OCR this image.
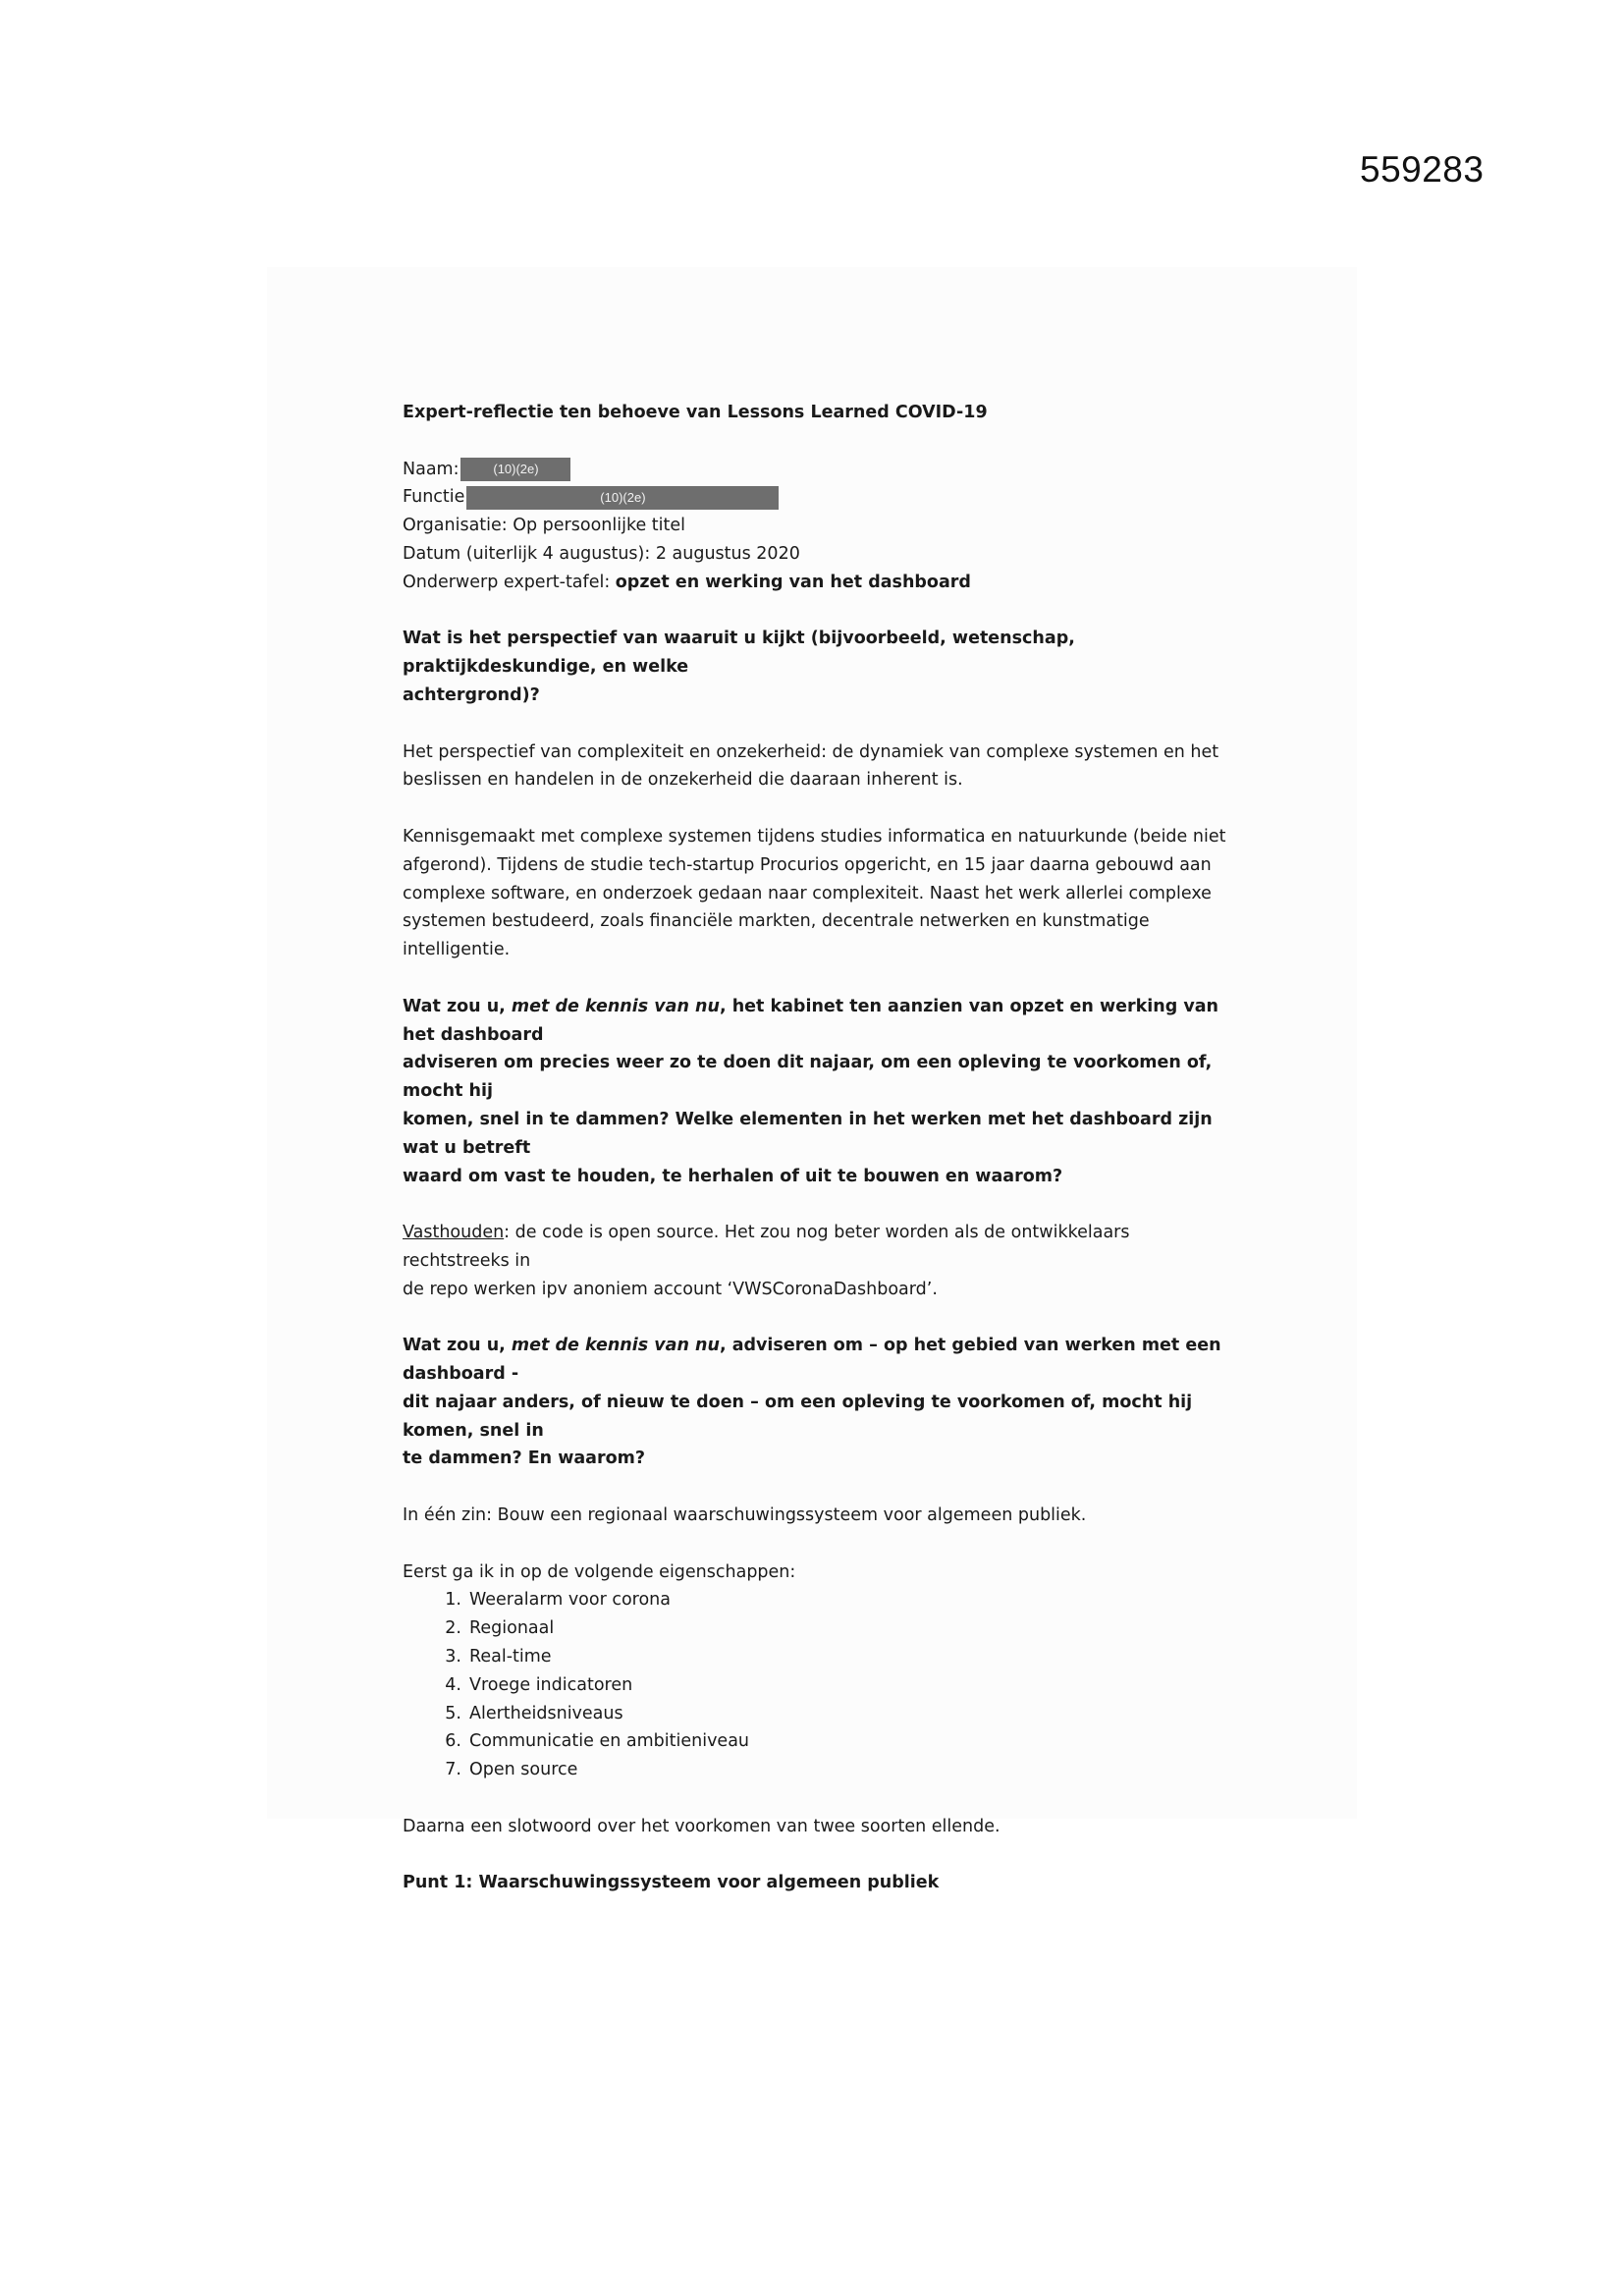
559283

Expert-reflectie ten behoeve van Lessons Learned COVID-19

Naam:	(10)(2e)
Functie	(10)(2e)

Organisatie: Op persoonlijke titel

Datum (uiterlijk 4 augustus): 2 augustus 2020

Onderwerp expert-tafel: opzet en werking van het dashboard

Wat is het perspectief van waaruit u kijkt (bijvoorbeeld, wetenschap, praktijkdeskundige, en welke

achtergrond)?

Het perspectief van complexiteit en onzekerheid: de dynamiek van complexe systemen en het

beslissen en handelen in de onzekerheid die daaraan inherent is.

Kennisgemaakt met complexe systemen tijdens studies informatica en natuurkunde (beide niet

afgerond). Tijdens de studie tech-startup Procurios opgericht, en 15 jaar daarna gebouwd aan

complexe software, en onderzoek gedaan naar complexiteit. Naast het werk allerlei complexe

systemen bestudeerd, zoals financiële markten, decentrale netwerken en kunstmatige intelligentie.

Wat zou u, met de kennis van nu, het kabinet ten aanzien van opzet en werking van het dashboard

adviseren om precies weer zo te doen dit najaar, om een opleving te voorkomen of, mocht hij

komen, snel in te dammen? Welke elementen in het werken met het dashboard zijn wat u betreft

waard om vast te houden, te herhalen of uit te bouwen en waarom?

Vasthouden: de code is open source. Het zou nog beter worden als de ontwikkelaars rechtstreeks in

de repo werken ipv anoniem account ‘VWSCoronaDashboard’.

Wat zou u, met de kennis van nu, adviseren om – op het gebied van werken met een dashboard -

dit najaar anders, of nieuw te doen – om een opleving te voorkomen of, mocht hij komen, snel in

te dammen? En waarom?

In één zin: Bouw een regionaal waarschuwingssysteem voor algemeen publiek.

Eerst ga ik in op de volgende eigenschappen:

1. Weeralarm voor corona
2. Regionaal
3. Real-time
4. Vroege indicatoren
5. Alertheidsniveaus
6. Communicatie en ambitieniveau
7. Open source

Daarna een slotwoord over het voorkomen van twee soorten ellende.

Punt 1: Waarschuwingssysteem voor algemeen publiek
